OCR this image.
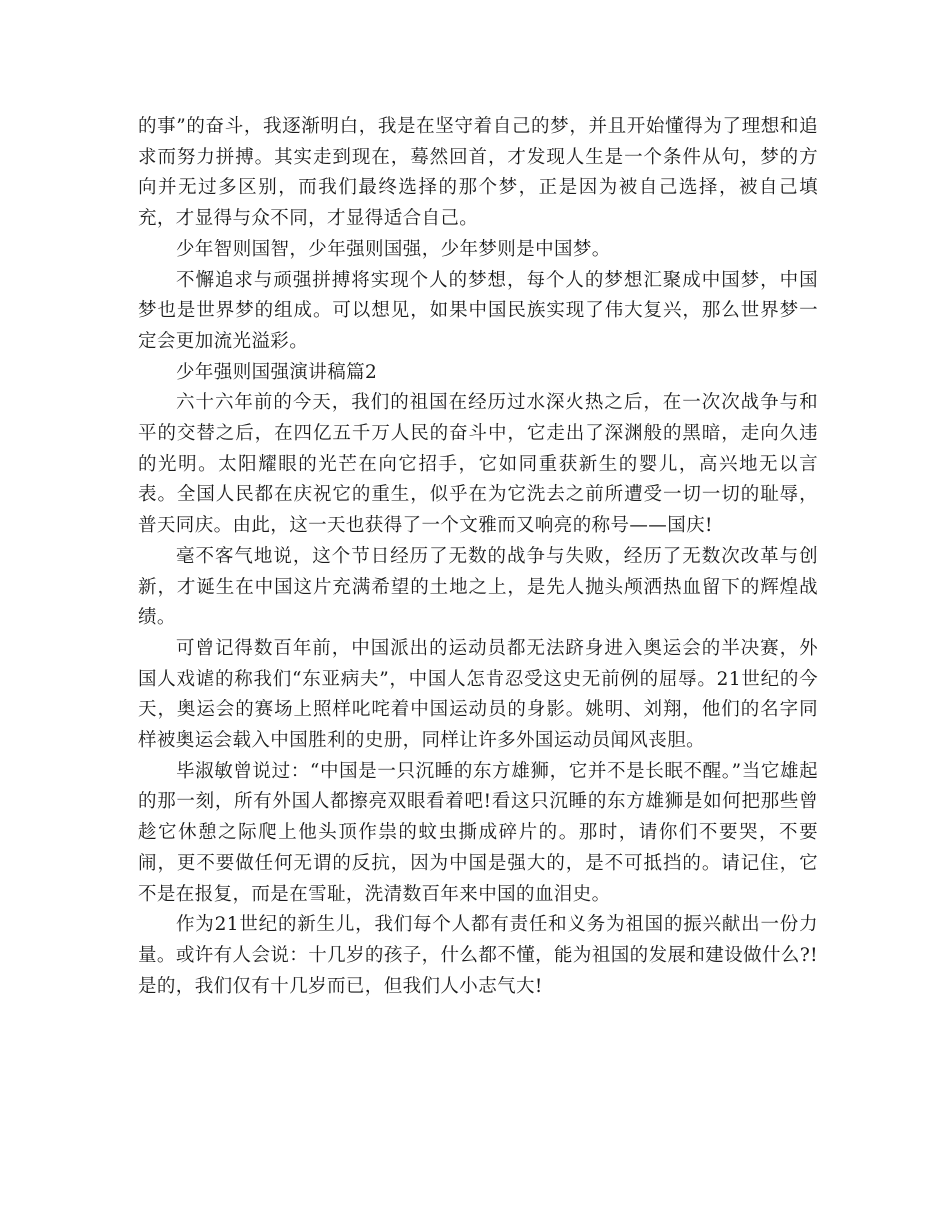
的事”的奋斗，我逐渐明白，我是在坚守着自己的梦，并且开始懂得为了理想和追求而努力拼搏。其实走到现在，蓦然回首，才发现人生是一个条件从句，梦的方向并无过多区别，而我们最终选择的那个梦，正是因为被自己选择，被自己填充，才显得与众不同，才显得适合自己。

少年智则国智，少年强则国强，少年梦则是中国梦。

不懈追求与顽强拼搏将实现个人的梦想，每个人的梦想汇聚成中国梦，中国梦也是世界梦的组成。可以想见，如果中国民族实现了伟大复兴，那么世界梦一定会更加流光溢彩。

少年强则国强演讲稿篇2

六十六年前的今天，我们的祖国在经历过水深火热之后，在一次次战争与和平的交替之后，在四亿五千万人民的奋斗中，它走出了深渊般的黑暗，走向久违的光明。太阳耀眼的光芒在向它招手，它如同重获新生的婴儿，高兴地无以言表。全国人民都在庆祝它的重生，似乎在为它洗去之前所遭受一切一切的耻辱，普天同庆。由此，这一天也获得了一个文雅而又响亮的称号——国庆!

毫不客气地说，这个节日经历了无数的战争与失败，经历了无数次改革与创新，才诞生在中国这片充满希望的土地之上，是先人抛头颅洒热血留下的辉煌战绩。

可曾记得数百年前，中国派出的运动员都无法跻身进入奥运会的半决赛，外国人戏谑的称我们“东亚病夫”，中国人怎肯忍受这史无前例的屈辱。21世纪的今天，奥运会的赛场上照样叱咤着中国运动员的身影。姚明、刘翔，他们的名字同样被奥运会载入中国胜利的史册，同样让许多外国运动员闻风丧胆。

毕淑敏曾说过：“中国是一只沉睡的东方雄狮，它并不是长眠不醒。”当它雄起的那一刻，所有外国人都擦亮双眼看着吧!看这只沉睡的东方雄狮是如何把那些曾趁它休憩之际爬上他头顶作祟的蚊虫撕成碎片的。那时，请你们不要哭，不要闹，更不要做任何无谓的反抗，因为中国是强大的，是不可抵挡的。请记住，它不是在报复，而是在雪耻，洗清数百年来中国的血泪史。

作为21世纪的新生儿，我们每个人都有责任和义务为祖国的振兴献出一份力量。或许有人会说：十几岁的孩子，什么都不懂，能为祖国的发展和建设做什么?!是的，我们仅有十几岁而已，但我们人小志气大!
